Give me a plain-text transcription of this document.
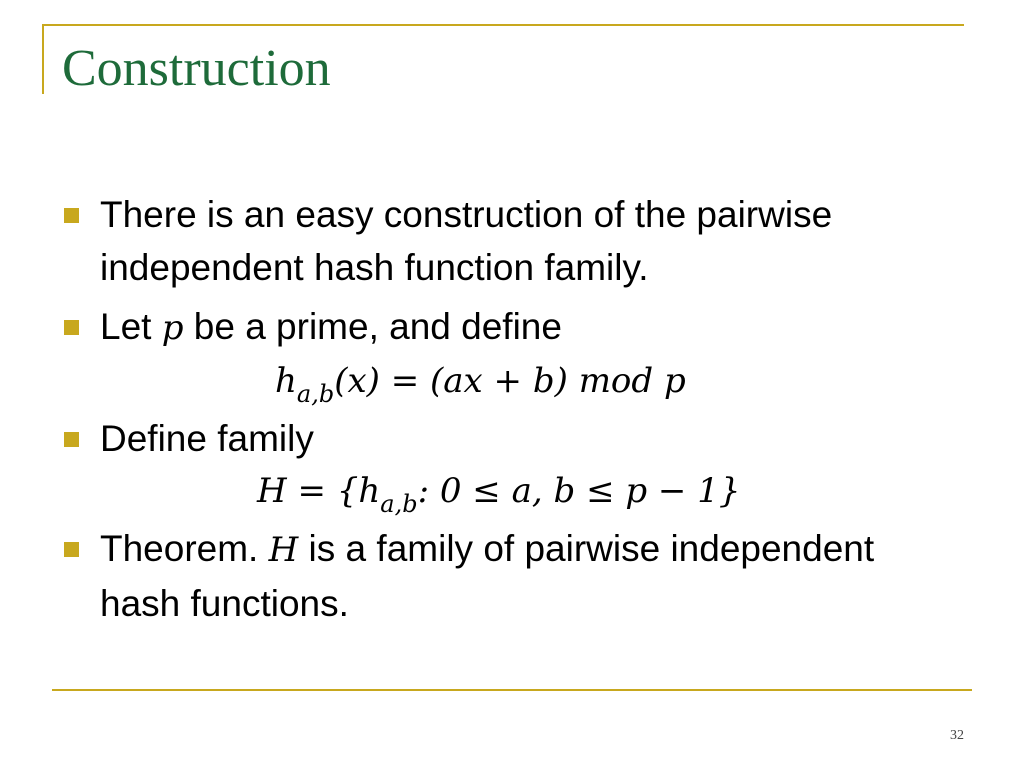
Construction
There is an easy construction of the pairwise independent hash function family.
Let p be a prime, and define
$h_{a,b}(x) = (ax + b)$ mod p
Define family
$H = \{h_{a,b}$: 0 ≤ a, b ≤ p − 1}
Theorem. H is a family of pairwise independent hash functions.
32
